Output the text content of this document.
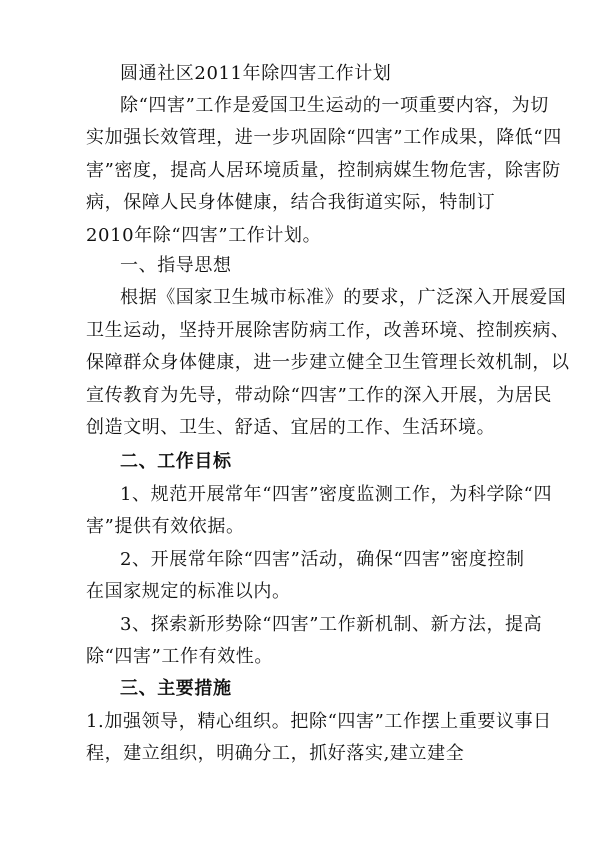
圆通社区2011年除四害工作计划
除“四害”工作是爱国卫生运动的一项重要内容，为切
实加强长效管理，进一步巩固除“四害”工作成果，降低“四
害”密度，提高人居环境质量，控制病媒生物危害，除害防
病，保障人民身体健康，结合我街道实际，特制订
2010年除“四害”工作计划。
一、指导思想
根据《国家卫生城市标准》的要求，广泛深入开展爱国
卫生运动，坚持开展除害防病工作，改善环境、控制疾病、
保障群众身体健康，进一步建立健全卫生管理长效机制，以
宣传教育为先导，带动除“四害”工作的深入开展，为居民
创造文明、卫生、舒适、宜居的工作、生活环境。
二、工作目标
1、规范开展常年“四害”密度监测工作，为科学除“四
害”提供有效依据。
2、开展常年除“四害”活动，确保“四害”密度控制
在国家规定的标准以内。
3、探索新形势除“四害”工作新机制、新方法，提高
除“四害”工作有效性。
三、主要措施
1.加强领导，精心组织。把除“四害”工作摆上重要议事日
程，建立组织，明确分工，抓好落实,建立建全
